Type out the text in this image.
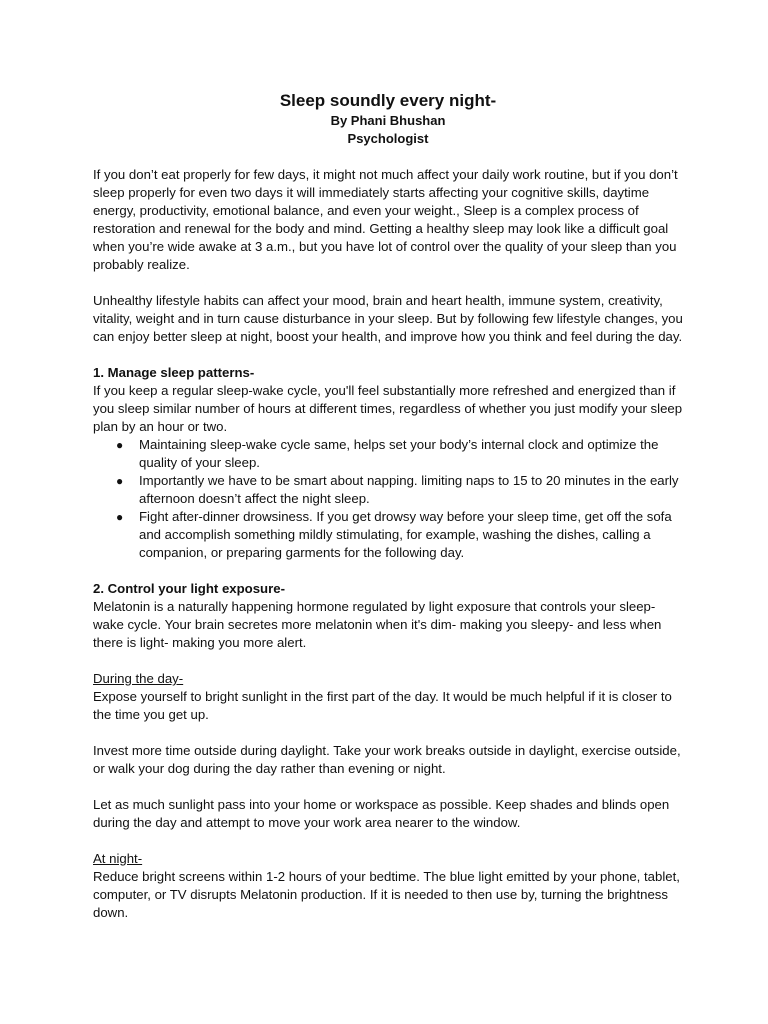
Sleep soundly every night-

By Phani Bhushan

Psychologist

If you don’t eat properly for few days, it might not much affect your daily work routine, but if you don’t sleep properly for even two days it will immediately starts affecting your cognitive skills, daytime energy, productivity, emotional balance, and even your weight., Sleep is a complex process of restoration and renewal for the body and mind. Getting a healthy sleep may look like a difficult goal when you’re wide awake at 3 a.m., but you have lot of control over the quality of your sleep than you probably realize.

Unhealthy lifestyle habits can affect your mood, brain and heart health, immune system, creativity, vitality, weight and in turn cause disturbance in your sleep. But by following few lifestyle changes, you can enjoy better sleep at night, boost your health, and improve how you think and feel during the day.

1. Manage sleep patterns-

If you keep a regular sleep-wake cycle, you'll feel substantially more refreshed and energized than if you sleep similar number of hours at different times, regardless of whether you just modify your sleep plan by an hour or two.

● Maintaining sleep-wake cycle same, helps set your body’s internal clock and optimize the quality of your sleep.
● Importantly we have to be smart about napping. limiting naps to 15 to 20 minutes in the early afternoon doesn’t affect the night sleep.
● Fight after-dinner drowsiness. If you get drowsy way before your sleep time, get off the sofa and accomplish something mildly stimulating, for example, washing the dishes, calling a companion, or preparing garments for the following day.

2. Control your light exposure-

Melatonin is a naturally happening hormone regulated by light exposure that controls your sleep-wake cycle. Your brain secretes more melatonin when it's dim- making you sleepy- and less when there is light- making you more alert.

During the day-

Expose yourself to bright sunlight in the first part of the day. It would be much helpful if it is closer to the time you get up.

Invest more time outside during daylight. Take your work breaks outside in daylight, exercise outside, or walk your dog during the day rather than evening or night.

Let as much sunlight pass into your home or workspace as possible. Keep shades and blinds open during the day and attempt to move your work area nearer to the window.

At night-

Reduce bright screens within 1-2 hours of your bedtime. The blue light emitted by your phone, tablet, computer, or TV disrupts Melatonin production. If it is needed to then use by, turning the brightness down.
